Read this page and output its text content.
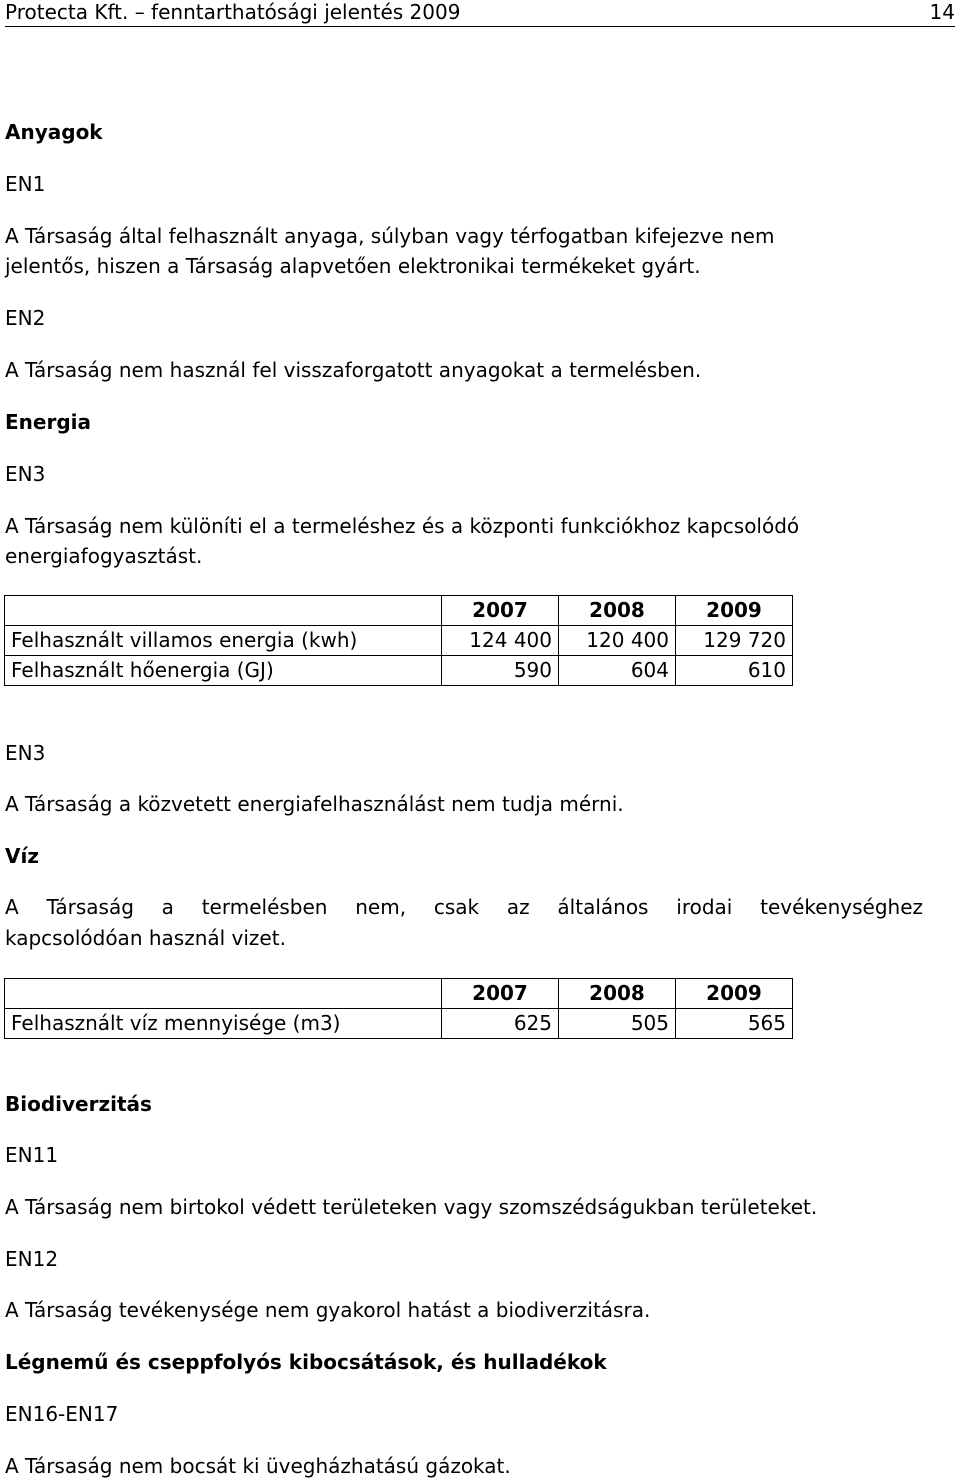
Protecta Kft. – fenntarthatósági jelentés 2009	14
Anyagok
EN1
A Társaság által felhasznált anyaga, súlyban vagy térfogatban kifejezve nem jelentős, hiszen a Társaság alapvetően elektronikai termékeket gyárt.
EN2
A Társaság nem használ fel visszaforgatott anyagokat a termelésben.
Energia
EN3
A Társaság nem különíti el a termeléshez és a központi funkciókhoz kapcsolódó energiafogyasztást.
	2007	2008	2009
Felhasznált villamos energia (kwh)	124 400	120 400	129 720
Felhasznált hőenergia (GJ)	590	604	610
EN3
A Társaság a közvetett energiafelhasználást nem tudja mérni.
Víz
A Társaság a termelésben nem, csak az általános irodai tevékenységhez
kapcsolódóan használ vizet.
	2007	2008	2009
Felhasznált víz mennyisége (m3)	625	505	565
Biodiverzitás
EN11
A Társaság nem birtokol védett területeken vagy szomszédságukban területeket.
EN12
A Társaság tevékenysége nem gyakorol hatást a biodiverzitásra.
Légnemű és cseppfolyós kibocsátások, és hulladékok
EN16-EN17
A Társaság nem bocsát ki üvegházhatású gázokat.
